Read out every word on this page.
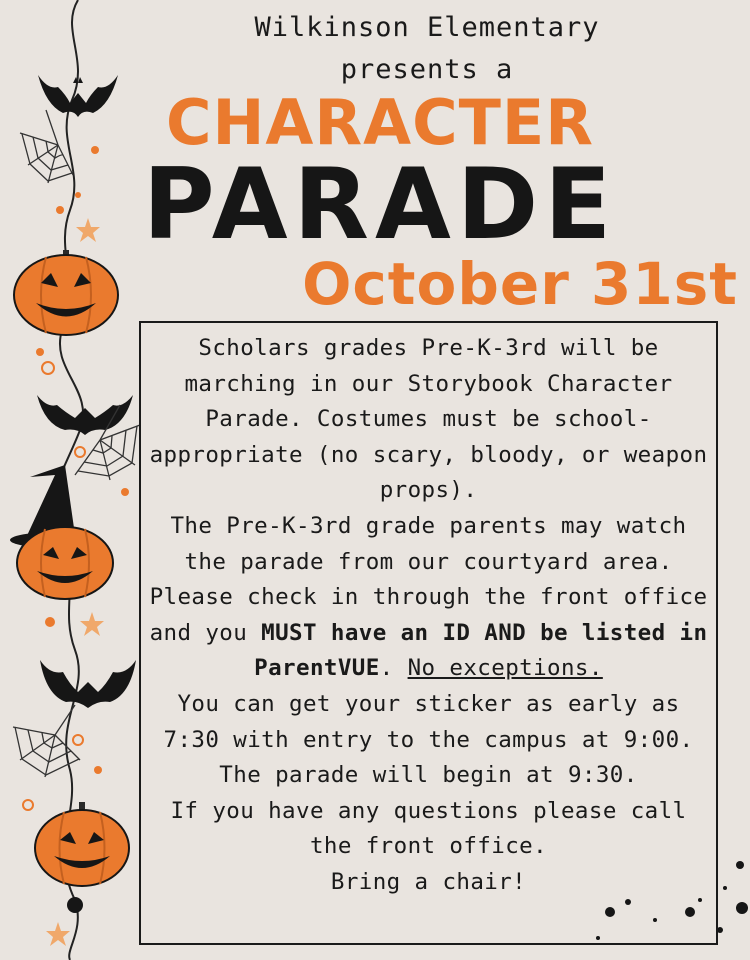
Wilkinson Elementary
presents a
CHARACTER
PARADE
October 31st

Scholars grades Pre-K-3rd will be marching in our Storybook Character Parade. Costumes must be school-appropriate (no scary, bloody, or weapon props).

The Pre-K-3rd grade parents may watch the parade from our courtyard area. Please check in through the front office and you MUST have an ID AND be listed in ParentVUE. No exceptions.

You can get your sticker as early as 7:30 with entry to the campus at 9:00. The parade will begin at 9:30.

If you have any questions please call the front office.

Bring a chair!
